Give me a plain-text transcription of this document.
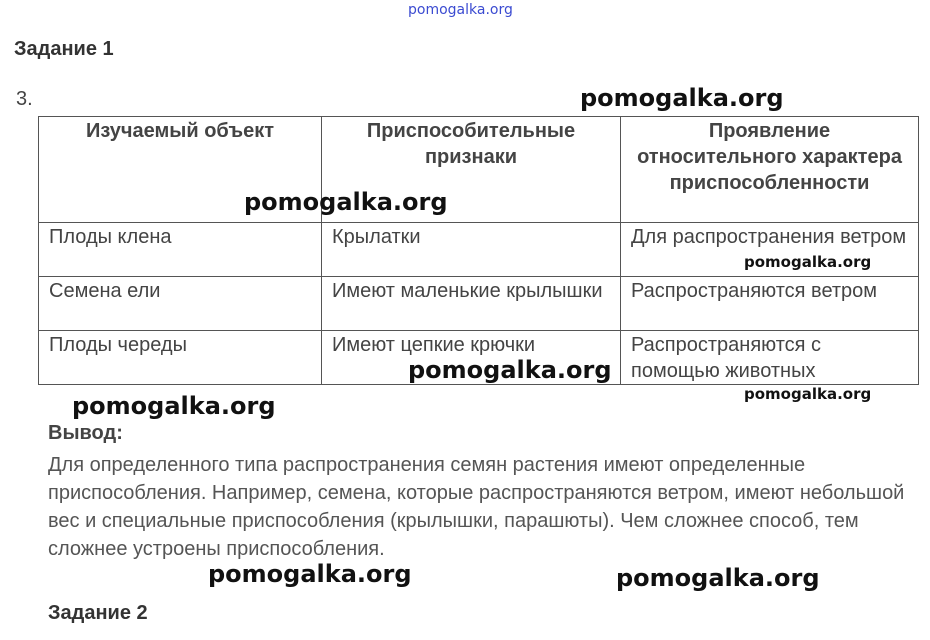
pomogalka.org
Задание 1
3.
Изучаемый объект	Приспособительные признаки	Проявление относительного характера приспособленности
Плоды клена	Крылатки	Для распространения ветром
Семена ели	Имеют маленькие крылышки	Распространяются ветром
Плоды череды	Имеют цепкие крючки	Распространяются с помощью животных
Вывод:
Для определенного типа распространения семян растения имеют определенные приспособления. Например, семена, которые распространяются ветром, имеют небольшой вес и специальные приспособления (крылышки, парашюты). Чем сложнее способ, тем сложнее устроены приспособления.
Задание 2
pomogalka.org
pomogalka.org
pomogalka.org
pomogalka.org
pomogalka.org
pomogalka.org
pomogalka.org	pomogalka.org
